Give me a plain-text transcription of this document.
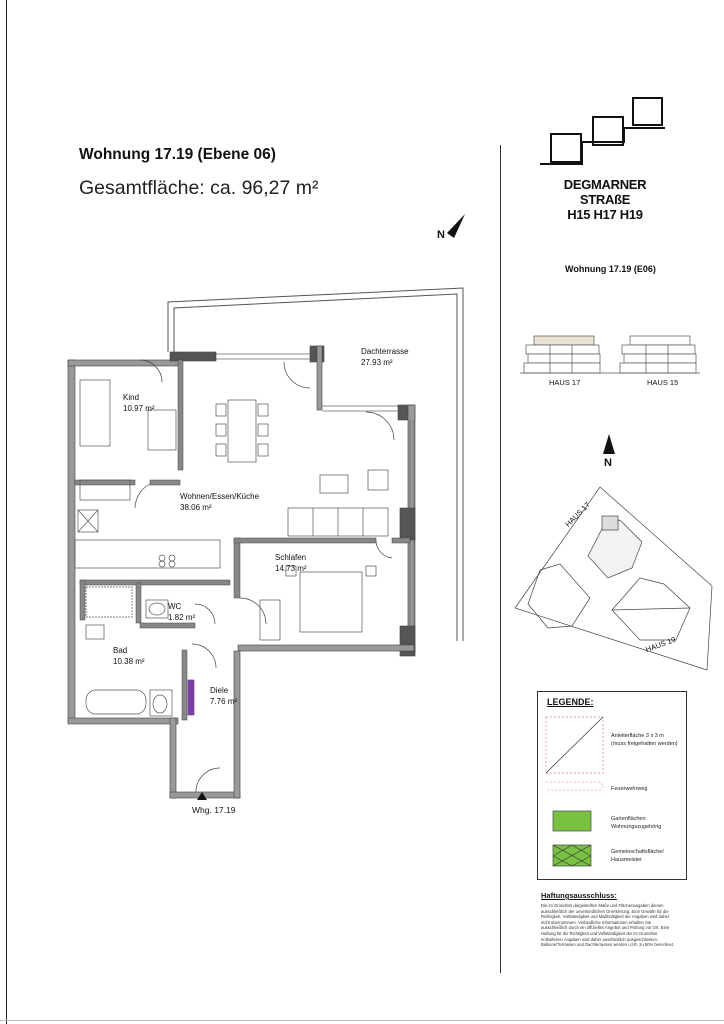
Wohnung 17.19 (Ebene 06)
Gesamtfläche: ca. 96,27 m²
N
Dachterrasse
27.93 m²
Kind
10.97 m²
Wohnen/Essen/Küche
38.06 m²
Schlafen
14.73 m²
WC
1.82 m²
Bad
10.38 m²
Diele
7.76 m²
Whg. 17.19
DEGMARNER STRAßE
H15 H17 H19
Wohnung 17.19 (E06)
HAUS 17	HAUS 15
N
HAUS 17
HAUS 19
LEGENDE:
Anleiterfläche 3 x 3 m
(muss freigehalten werden)
Feuerwehrweg
Gartenflächen
Wohnungszugehörig
Gemeinschaftsfläche/
Hausmeister
Haftungsausschluss:
Die im Grundriss dargestellten Maße und Flächenangaben dienen ausschließlich der unverbindlichen Orientierung. Eine Gewähr für die Richtigkeit, Vollständigkeit und Maßhaltigkeit der Angaben wird daher nicht übernommen. Verbindliche Informationen erhalten Sie ausschließlich durch ein offizielles Angebot und Prüfung vor Ort. Eine Haftung für die Richtigkeit und Vollständigkeit der im Grundriss enthaltenen Angaben wird daher ausdrücklich ausgeschlossen. Balkone/Terrassen und Dachterrassen werden i.d.R. zu 50% berechnet.
